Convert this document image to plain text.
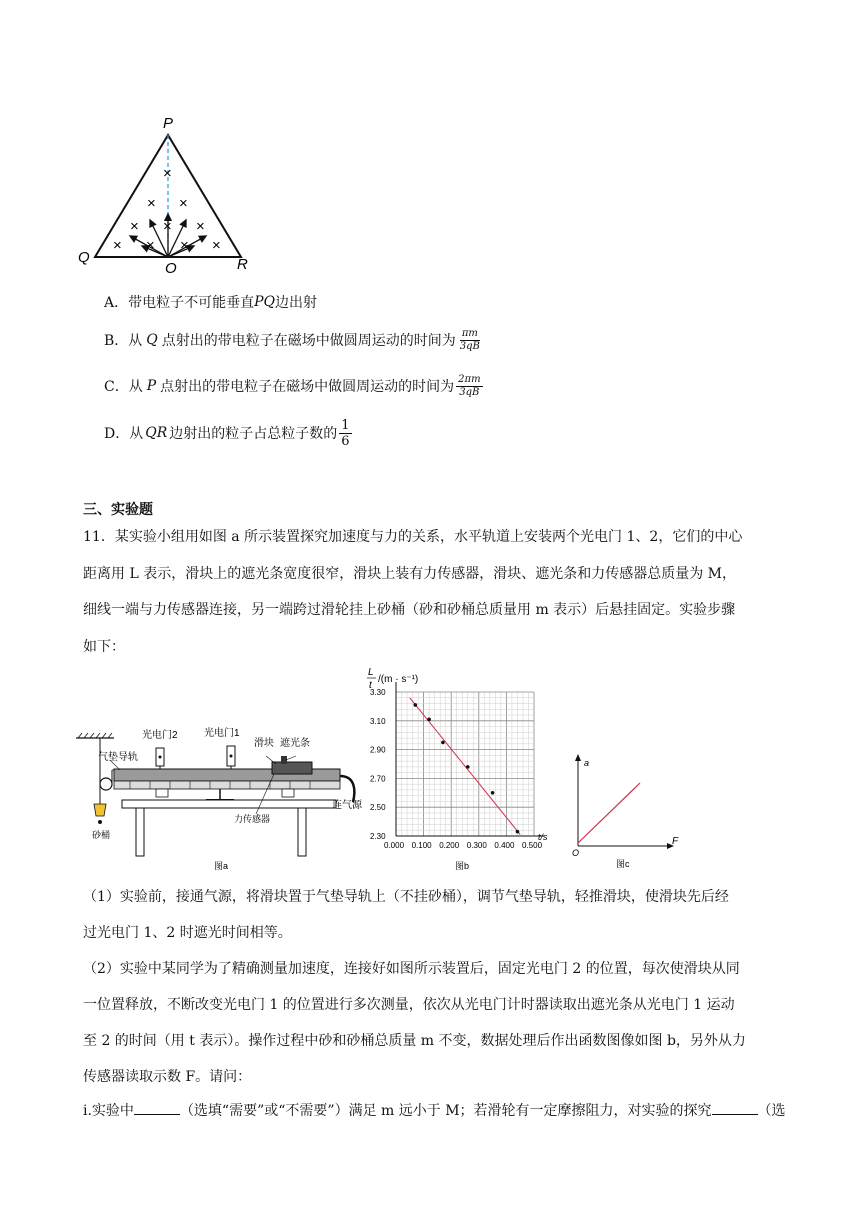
×
× ×
× × ×
× × × ×
P
Q
O	R
A． 带电粒子不可能垂直 PQ 边出射
B． 从 Q 点射出的带电粒子在磁场中做圆周运动的时间为 $\frac{\pi m}{3qB}$
C． 从 P 点射出的带电粒子在磁场中做圆周运动的时间为 $\frac{2\pi m}{3qB}$
D． 从 QR 边射出的粒子占总粒子数的 $\frac{1}{6}$
三、实验题
11．某实验小组用如图 a 所示装置探究加速度与力的关系，水平轨道上安装两个光电门 1、2，它们的中心
距离用 L 表示，滑块上的遮光条宽度很窄，滑块上装有力传感器，滑块、遮光条和力传感器总质量为 M，
细线一端与力传感器连接，另一端跨过滑轮挂上砂桶（砂和砂桶总质量用 m 表示）后悬挂固定。实验步骤
如下：
光电门2	光电门1
滑块 遮光条
气垫导轨
连气源
力传感器
砂桶
图a
L
t
/(m · s⁻¹)
2.30
2.50
2.70
2.90
3.10
3.30
0.000 0.100 0.200 0.300 0.400 0.500
t/s
图b
a
F
O
图c
（1）实验前，接通气源，将滑块置于气垫导轨上（不挂砂桶），调节气垫导轨，轻推滑块，使滑块先后经
过光电门 1、2 时遮光时间相等。
（2）实验中某同学为了精确测量加速度，连接好如图所示装置后，固定光电门 2 的位置，每次使滑块从同
一位置释放，不断改变光电门 1 的位置进行多次测量，依次从光电门计时器读取出遮光条从光电门 1 运动
至 2 的时间（用 t 表示）。操作过程中砂和砂桶总质量 m 不变，数据处理后作出函数图像如图 b，另外从力
传感器读取示数 F。请问：
i.实验中	（选填“需要”或“不需要”）满足 m 远小于 M；若滑轮有一定摩擦阻力，对实验的探究	（选
